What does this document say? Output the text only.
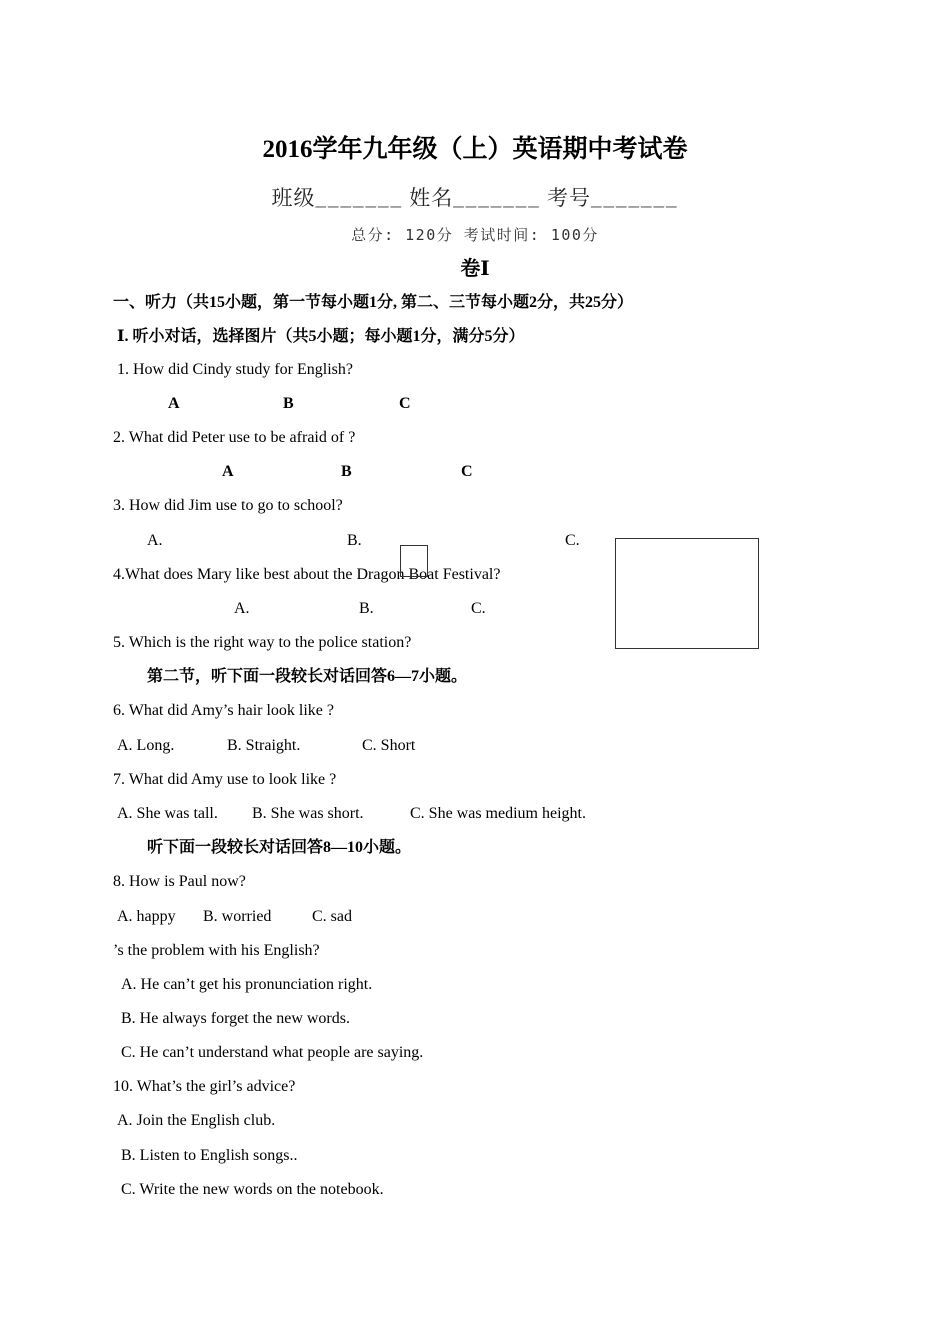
2016学年九年级（上）英语期中考试卷
班级_______ 姓名_______ 考号_______
总分: 120分 考试时间: 100分
卷Ⅰ
一、听力（共15小题，第一节每小题1分, 第二、三节每小题2分，共25分）
Ⅰ. 听小对话，选择图片（共5小题；每小题1分，满分5分）
1. How did Cindy study for English?
A	B	C
2. What did Peter use to be afraid of ?
A	B	C
3. How did Jim use to go to school?
A.	B.	C.
4.What does Mary like best about the Dragon Boat Festival?
A.	B.	C.
5. Which is the right way to the police station?
第二节，听下面一段较长对话回答6—7小题。
6. What did Amy’s hair look like ?
A. Long.	B. Straight.	C. Short
7. What did Amy use to look like ?
A. She was tall. B. She was short.	C. She was medium height.
听下面一段较长对话回答8—10小题。
8. How is Paul now?
A. happy B. worried	C. sad
’s the problem with his English?
A. He can’t get his pronunciation right.
B. He always forget the new words.
C. He can’t understand what people are saying.
10. What’s the girl’s advice?
A. Join the English club.
B. Listen to English songs..
C. Write the new words on the notebook.
